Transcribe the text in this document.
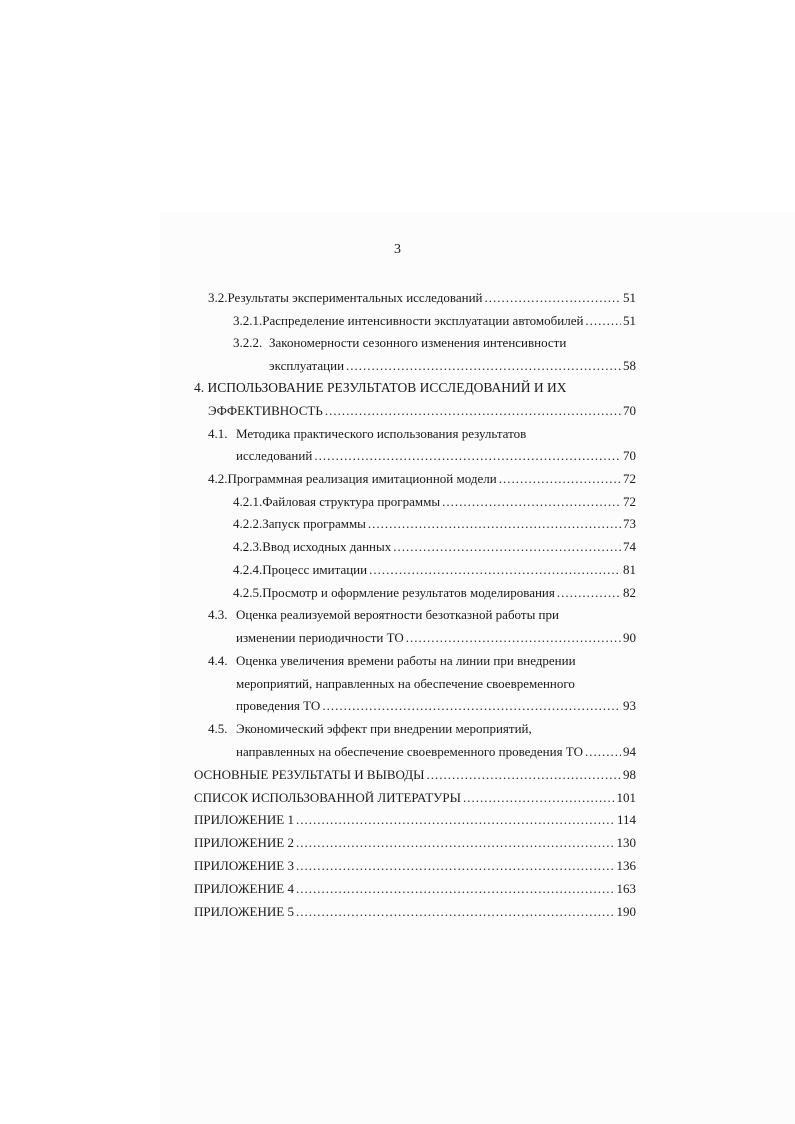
3
3.2. Результаты экспериментальных исследований .....	51
3.2.1. Распределение интенсивности эксплуатации автомобилей .....	51
3.2.2. Закономерности сезонного изменения интенсивности
эксплуатации .....	58
4. ИСПОЛЬЗОВАНИЕ РЕЗУЛЬТАТОВ ИССЛЕДОВАНИЙ И ИХ
ЭФФЕКТИВНОСТЬ .....	70
4.1. Методика практического использования результатов
исследований .....	70
4.2. Программная реализация имитационной модели .....	72
4.2.1. Файловая структура программы .....	72
4.2.2. Запуск программы .....	73
4.2.3. Ввод исходных данных .....	74
4.2.4. Процесс имитации .....	81
4.2.5. Просмотр и оформление результатов моделирования .....	82
4.3. Оценка реализуемой вероятности безотказной работы при
изменении периодичности ТО .....	90
4.4. Оценка увеличения времени работы на линии при внедрении
мероприятий, направленных на обеспечение своевременного
проведения ТО .....	93
4.5. Экономический эффект при внедрении мероприятий,
направленных на обеспечение своевременного проведения ТО .....	94
ОСНОВНЫЕ РЕЗУЛЬТАТЫ И ВЫВОДЫ .....	98
СПИСОК ИСПОЛЬЗОВАННОЙ ЛИТЕРАТУРЫ .....	101
ПРИЛОЖЕНИЕ 1 .....	114
ПРИЛОЖЕНИЕ 2 .....	130
ПРИЛОЖЕНИЕ 3 .....	136
ПРИЛОЖЕНИЕ 4 .....	163
ПРИЛОЖЕНИЕ 5 .....	190
